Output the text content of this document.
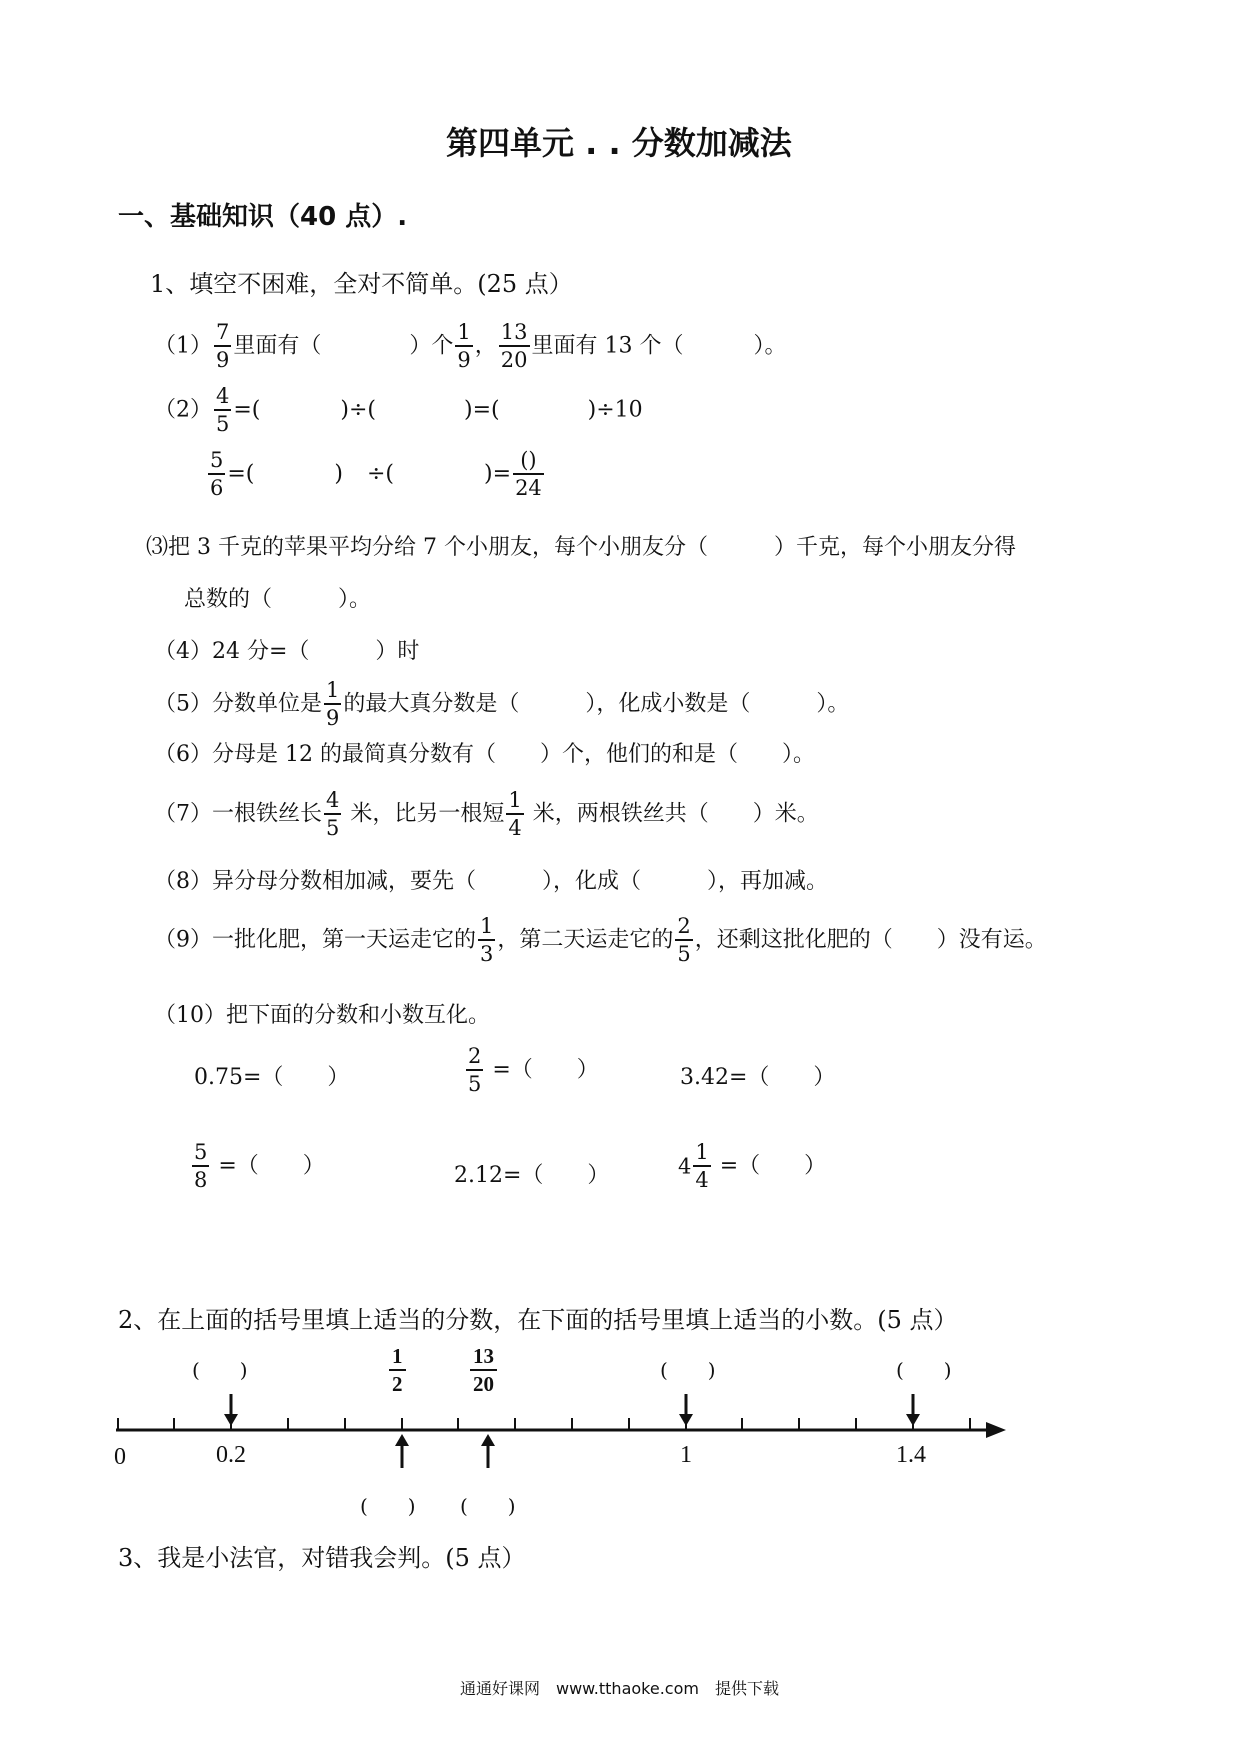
第四单元 . . 分数加减法
一、基础知识（40 点）.
1、填空不困难，全对不简单。(25 点）
$(1) \frac{7}{9}$ 里面有（	）个 $\frac{1}{9}$ ， $\frac{13}{20}$ 里面有 13 个（	）。
$(2) \frac{4}{5}$ =(	)÷(	)=(	)÷10
$\frac{5}{6}$ =(	) ÷(	)= $\frac{()}{24}$
⑶把 3 千克的苹果平均分给 7 个小朋友，每个小朋友分（　　　）千克，每个小朋友分得
总数的（　　　）。
（4）24 分=（　　　）时
（5）分数单位是 $\frac{1}{9}$ 的最大真分数是（　　　），化成小数是（　　　）。
（6）分母是 12 的最简真分数有（　　）个，他们的和是（　　）。
（7）一根铁丝长 $\frac{4}{5}$ 米，比另一根短 $\frac{1}{4}$ 米，两根铁丝共（　　）米。
（8）异分母分数相加减，要先（　　　），化成（　　　），再加减。
（9）一批化肥，第一天运走它的 $\frac{1}{3}$ ，第二天运走它的 $\frac{2}{5}$ ，还剩这批化肥的（　　）没有运。
（10）把下面的分数和小数互化。
0.75=（　　）	$\frac{2}{5}$ =（　　）	3.42=（　　）
$\frac{5}{8}$ =（　　）	2.12=（　　）	$4 \frac{1}{4}$ =（　　）
2、在上面的括号里填上适当的分数，在下面的括号里填上适当的小数。(5 点）
(　　)	(　　)	(　　)
$\frac{1}{2}$	$\frac{13}{20}$
0	0.2	1	1.4
(　　) (　　)
3、我是小法官，对错我会判。(5 点）
通通好课网　www.tthaoke.com　提供下载
